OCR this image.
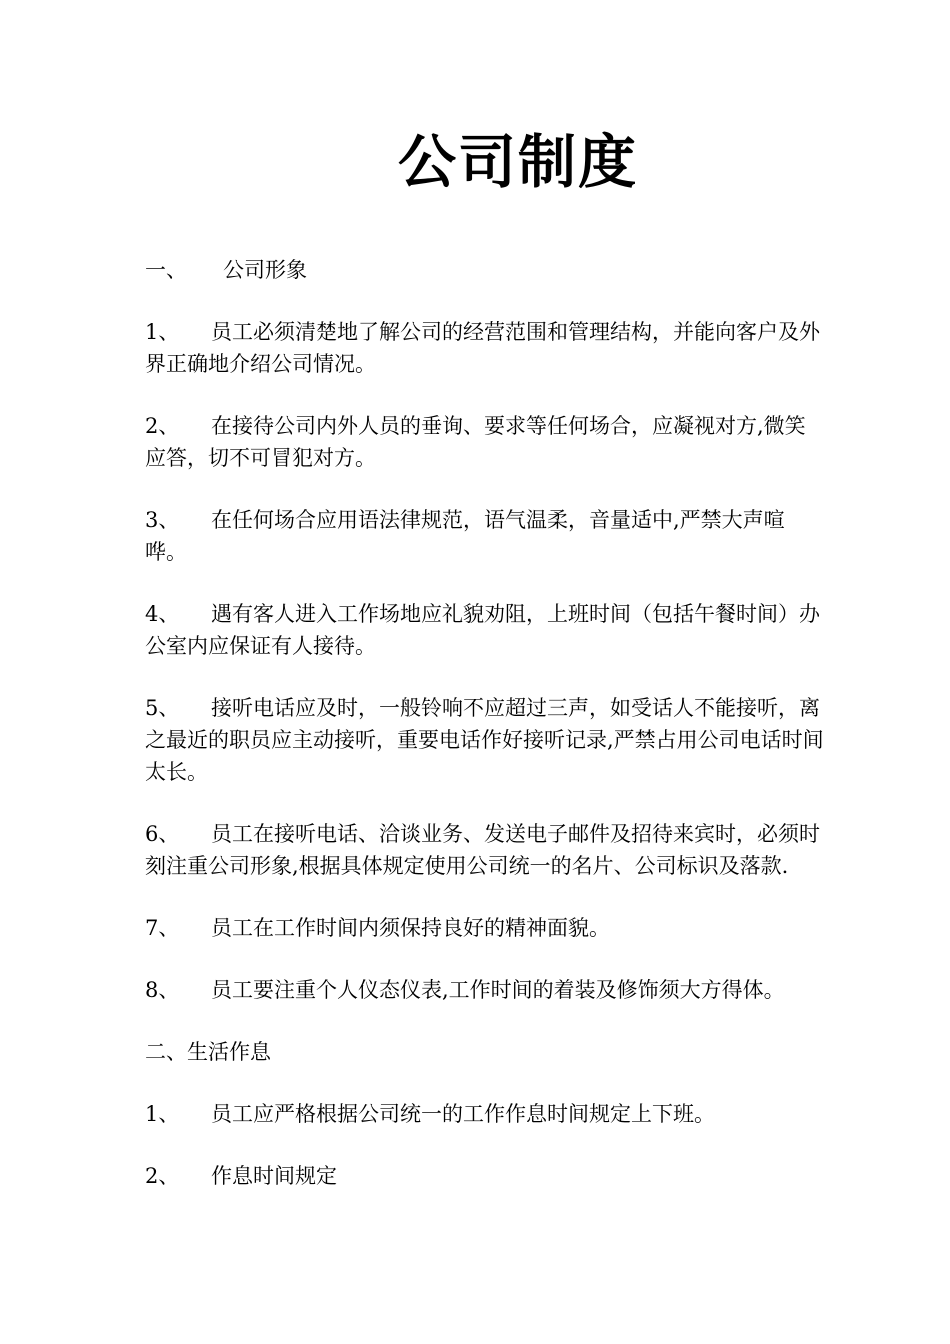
公司制度

一、 公司形象

1、 员工必须清楚地了解公司的经营范围和管理结构，并能向客户及外界正确地介绍公司情况。

2、 在接待公司内外人员的垂询、要求等任何场合，应凝视对方,微笑应答，切不可冒犯对方。

3、 在任何场合应用语法律规范，语气温柔，音量适中,严禁大声喧哗。

4、 遇有客人进入工作场地应礼貌劝阻，上班时间（包括午餐时间）办公室内应保证有人接待。

5、 接听电话应及时，一般铃响不应超过三声，如受话人不能接听，离之最近的职员应主动接听，重要电话作好接听记录,严禁占用公司电话时间太长。

6、 员工在接听电话、洽谈业务、发送电子邮件及招待来宾时，必须时刻注重公司形象,根据具体规定使用公司统一的名片、公司标识及落款.

7、 员工在工作时间内须保持良好的精神面貌。

8、 员工要注重个人仪态仪表,工作时间的着装及修饰须大方得体。

二、生活作息

1、 员工应严格根据公司统一的工作作息时间规定上下班。

2、 作息时间规定
